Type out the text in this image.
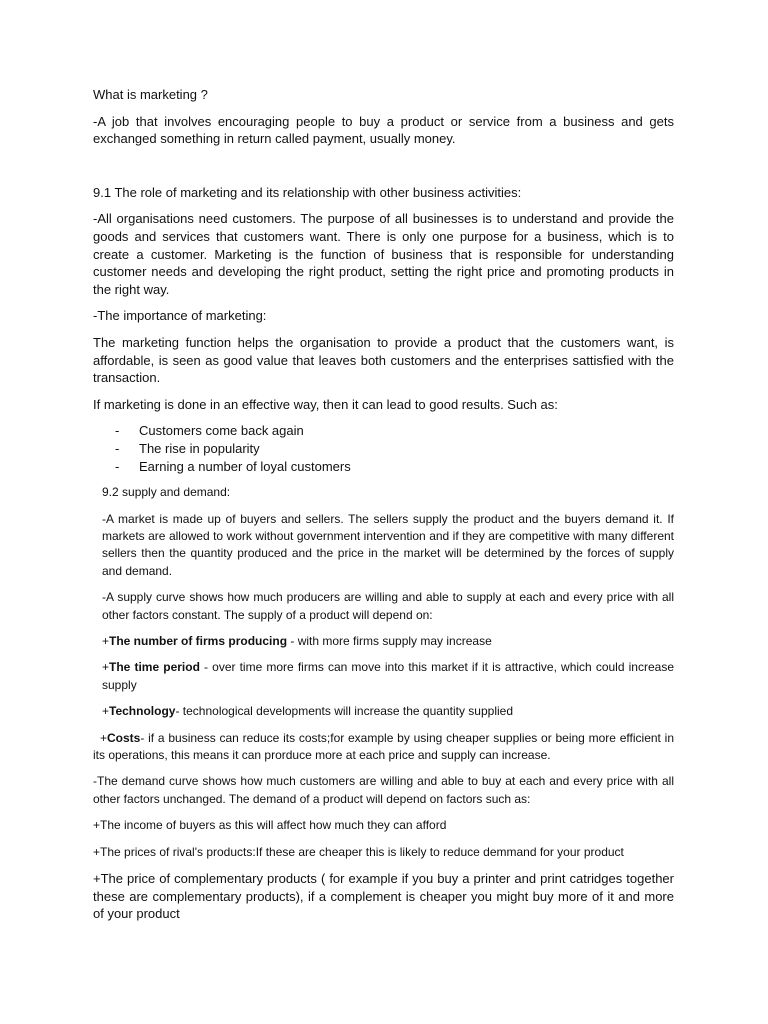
What is marketing ?

-A job that involves encouraging people to buy a product or service from a business and gets exchanged something in return called payment, usually money.

9.1 The role of marketing and its relationship with other business activities:

-All organisations need customers. The purpose of all businesses is to understand and provide the goods and services that customers want. There is only one purpose for a business, which is to create a customer. Marketing is the function of business that is responsible for understanding customer needs and developing the right product, setting the right price and promoting products in the right way.

-The importance of marketing:

The marketing function helps the organisation to provide a product that the customers want, is affordable, is seen as good value that leaves both customers and the enterprises sattisfied with the transaction.

If marketing is done in an effective way, then it can lead to good results. Such as:

-	Customers come back again
-	The rise in popularity
-	Earning a number of loyal customers

9.2 supply and demand:

-A market is made up of buyers and sellers. The sellers supply the product and the buyers demand it. If markets are allowed to work without government intervention and if they are competitive with many different sellers then the quantity produced and the price in the market will be determined by the forces of supply and demand.

-A supply curve shows how much producers are willing and able to supply at each and every price with all other factors constant. The supply of a product will depend on:

+The number of firms producing - with more firms supply may increase

+The time period - over time more firms can move into this market if it is attractive, which could increase supply

+Technology- technological developments will increase the quantity supplied

+Costs- if a business can reduce its costs;for example by using cheaper supplies or being more efficient in its operations, this means it can prorduce more at each price and supply can increase.

-The demand curve shows how much customers are willing and able to buy at each and every price with all other factors unchanged. The demand of a product will depend on factors such as:

+The income of buyers as this will affect how much they can afford

+The prices of rival's products:If these are cheaper this is likely to reduce demmand for your product

+The price of complementary products ( for example if you buy a printer and print catridges together these are complementary products), if a complement is cheaper you might buy more of it and more of your product
